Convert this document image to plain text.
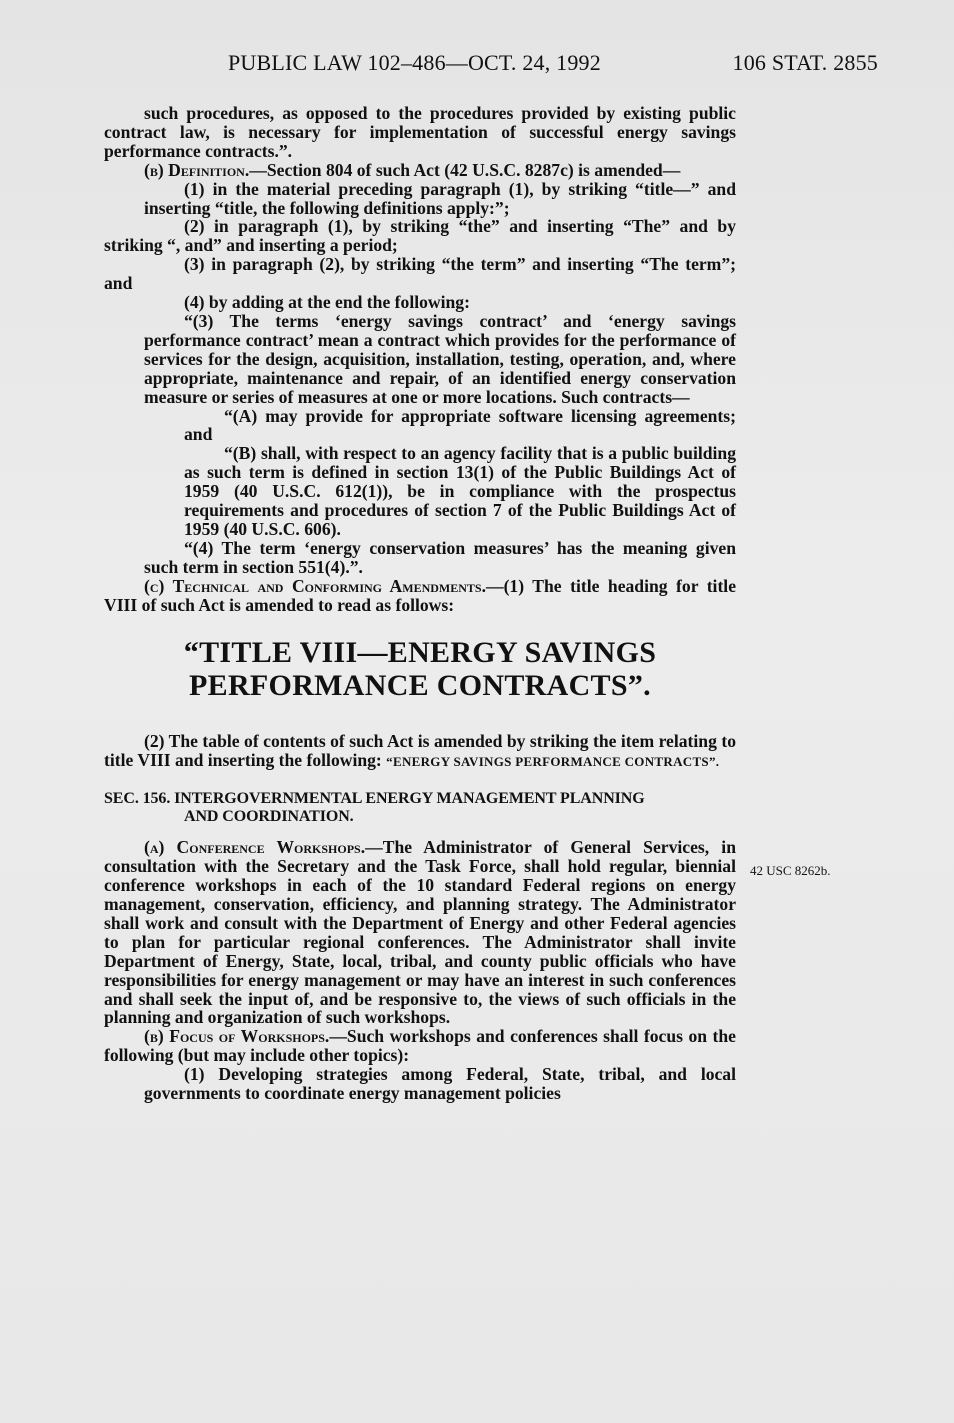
PUBLIC LAW 102–486—OCT. 24, 1992	106 STAT. 2855
42 USC 8262b.

such procedures, as opposed to the procedures provided by existing public contract law, is necessary for implementation of successful energy savings performance contracts.”.

(b) Definition.—Section 804 of such Act (42 U.S.C. 8287c) is amended—

(1) in the material preceding paragraph (1), by striking “title—” and inserting “title, the following definitions apply:”;

(2) in paragraph (1), by striking “the” and inserting “The” and by striking “, and” and inserting a period;

(3) in paragraph (2), by striking “the term” and inserting “The term”; and

(4) by adding at the end the following:

“(3) The terms ‘energy savings contract’ and ‘energy savings performance contract’ mean a contract which provides for the performance of services for the design, acquisition, installation, testing, operation, and, where appropriate, maintenance and repair, of an identified energy conservation measure or series of measures at one or more locations. Such contracts—

“(A) may provide for appropriate software licensing agreements; and

“(B) shall, with respect to an agency facility that is a public building as such term is defined in section 13(1) of the Public Buildings Act of 1959 (40 U.S.C. 612(1)), be in compliance with the prospectus requirements and procedures of section 7 of the Public Buildings Act of 1959 (40 U.S.C. 606).

“(4) The term ‘energy conservation measures’ has the meaning given such term in section 551(4).”.

(c) Technical and Conforming Amendments.—(1) The title heading for title VIII of such Act is amended to read as follows:

“TITLE VIII—ENERGY SAVINGS
PERFORMANCE CONTRACTS”.

(2) The table of contents of such Act is amended by striking the item relating to title VIII and inserting the following: “ENERGY SAVINGS PERFORMANCE CONTRACTS”.

SEC. 156. INTERGOVERNMENTAL ENERGY MANAGEMENT PLANNING
AND COORDINATION.

(a) Conference Workshops.—The Administrator of General Services, in consultation with the Secretary and the Task Force, shall hold regular, biennial conference workshops in each of the 10 standard Federal regions on energy management, conservation, efficiency, and planning strategy. The Administrator shall work and consult with the Department of Energy and other Federal agencies to plan for particular regional conferences. The Administrator shall invite Department of Energy, State, local, tribal, and county public officials who have responsibilities for energy management or may have an interest in such conferences and shall seek the input of, and be responsive to, the views of such officials in the planning and organization of such workshops.

(b) Focus of Workshops.—Such workshops and conferences shall focus on the following (but may include other topics):

(1) Developing strategies among Federal, State, tribal, and local governments to coordinate energy management policies
